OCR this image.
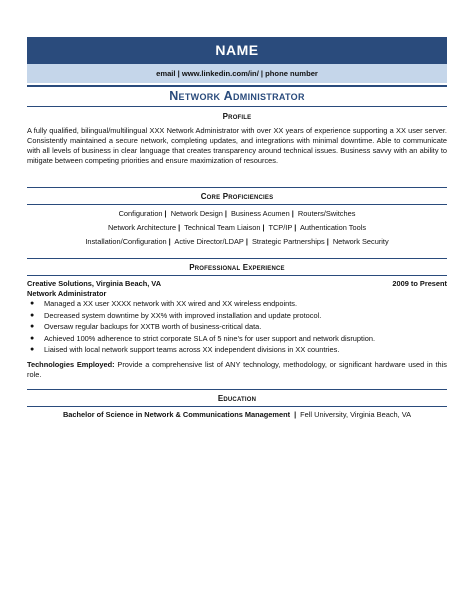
NAME
email | www.linkedin.com/in/ | phone number
Network Administrator
Profile
A fully qualified, bilingual/multilingual XXX Network Administrator with over XX years of experience supporting a XX user server. Consistently maintained a secure network, completing updates, and integrations with minimal downtime. Able to communicate with all levels of business in clear language that creates transparency around technical issues. Business savvy with an ability to mitigate between competing priorities and ensure maximization of resources.
Core Proficiencies
Configuration | Network Design | Business Acumen | Routers/Switches
Network Architecture | Technical Team Liaison | TCP/IP | Authentication Tools
Installation/Configuration | Active Director/LDAP | Strategic Partnerships | Network Security
Professional Experience
Creative Solutions, Virginia Beach, VA	2009 to Present
Network Administrator
● Managed a XX user XXXX network with XX wired and XX wireless endpoints.
● Decreased system downtime by XX% with improved installation and update protocol.
● Oversaw regular backups for XXTB worth of business-critical data.
● Achieved 100% adherence to strict corporate SLA of 5 nine’s for user support and network disruption.
● Liaised with local network support teams across XX independent divisions in XX countries.
Technologies Employed: Provide a comprehensive list of ANY technology, methodology, or significant hardware used in this role.
Education
Bachelor of Science in Network & Communications Management | Fell University, Virginia Beach, VA
